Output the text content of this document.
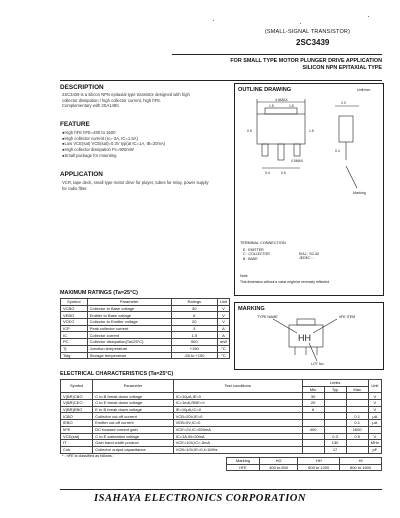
(SMALL-SIGNAL TRANSISTOR)
2SC3439
FOR SMALL TYPE MOTOR PLUNGER DRIVE APPLICATION
SILICON NPN EPITAXIAL TYPE
DESCRIPTION
2SC3439 is a silicon NPN epitaxial type transistor designed with high
collector dissipation / high collector current, high hFE.
Complementary with 2SA1490.
FEATURE
●High hFE hFE=400 to 1600
●High collector current (Ic=-3A, IC=1.5A)
●Low VCE(sat) VCE(sat)=0.3V typ(at IC=1A, IB=20mA)
●High collector dissipation Pc=900mW
●Small package for mounting
APPLICATION
VCR, tape deck, small type motor drive for player, tubes for relay, power supply
for radio filter.
OUTLINE DRAWING	Unit:mm
4.6MAX
1.5	1.6
2.0
0.5	1.5
0.4
0.5MAX
0.5
0.4
Marking
TERMINAL CONNECTION
E : EMITTER
C : COLLECTOR
B : BASE
EIAJ : SC-62
JEDEC : -
Note
This dimension without a value might be reversely reflected.
MARKING
TYPE NAME	hFE ITEM
HH
LOT No.
MAXIMUM RATINGS (Ta=25°C)
Symbol	Parameter	Ratings	Unit
VCBO	Collector to Base voltage	30	V
VEBO	Emitter to Base voltage	6	V
VCEO	Collector to Emitter voltage	20	V
ICP	Peak collector current	3	A
IC	Collector current	1.5	A
PC	Collector dissipation(Ta≤25°C)	900	mW
Tj	Junction temperature	+150	°C
Tstg	Storage temperature	-55 to +150	°C
ELECTRICAL CHARACTERISTICS (Ta=25°C)
Symbol	Parameter	Test conditions	Limits			Unit
			Min	Typ	Max	
V(BR)CBO	C to B break down voltage	IC=10μA,IE=0	30			V
V(BR)CEO	C to E break down voltage	IC=1mA,RBE=∞	20			V
V(BR)EBO	E to B break down voltage	IE=10μA,IC=0	6			V
ICBO	Collector cut-off current	VCB=20V,IE=0			0.1	μA
IEBO	Emitter cut-off current	VEB=5V,IC=0			0.1	μA
hFE	DC forward current gain	VCE=2V,IC=500mA	400		1600	
VCE(sat)	C to E saturation voltage	IC=1A,IB=20mA		0.3	0.5	V
fT	Gain band width product	VCE=10V,IC=-5mA		130		MHz
Cob	Collector output capacitance	VCB=10V,IE=0,f=1MHz		17		pF
* : hFE is classified as follows.
Marking	HG	HH	HI
hFE	400 to 800	600 to 1200	800 to 1600
ISAHAYA ELECTRONICS CORPORATION
